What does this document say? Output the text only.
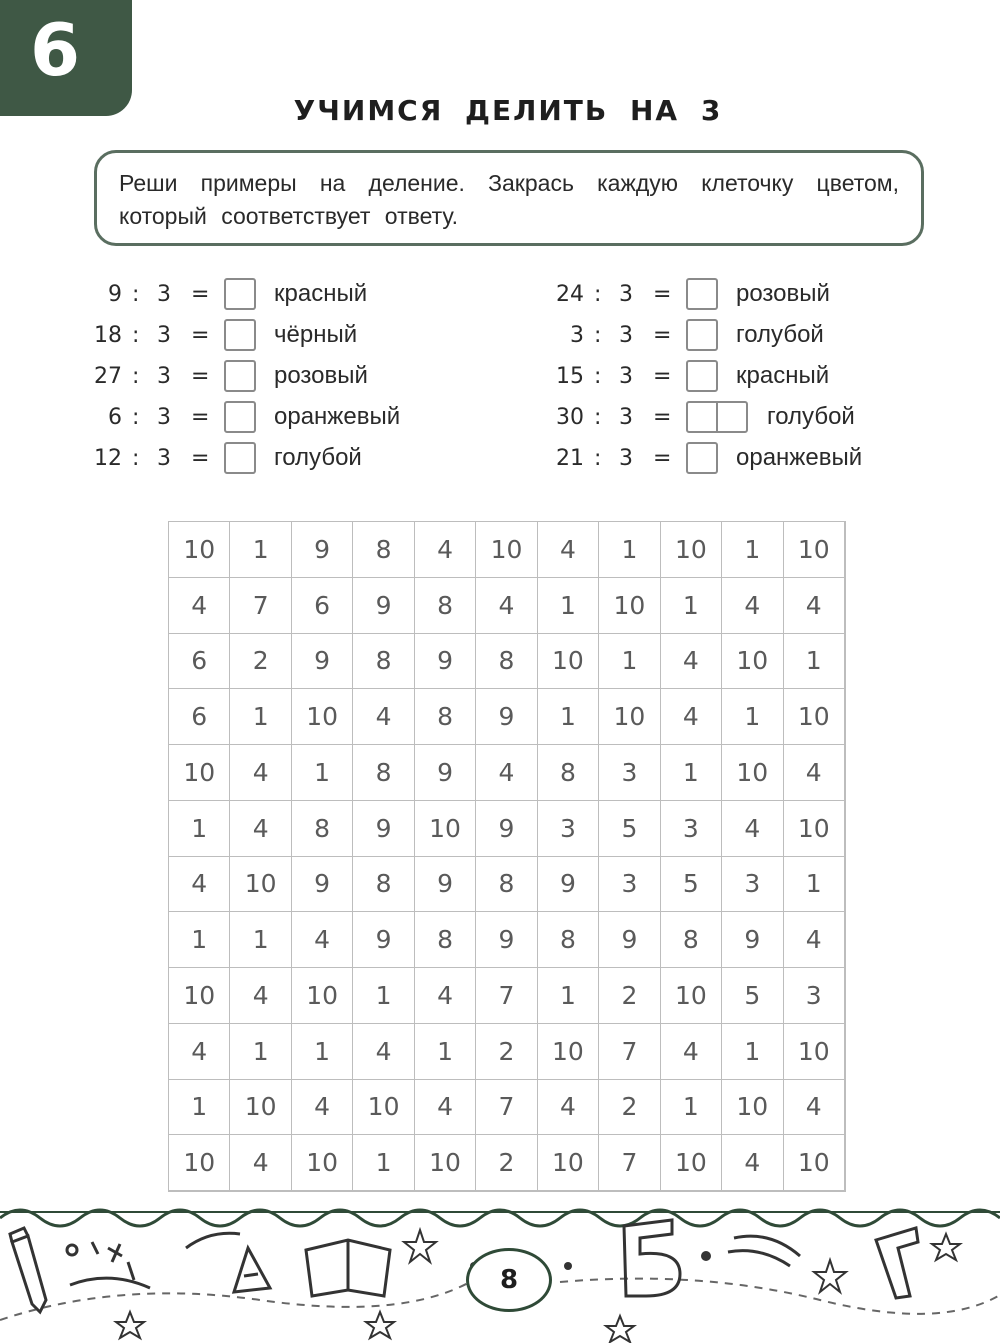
6
УЧИМСЯ ДЕЛИТЬ НА 3
Реши примеры на деление. Закрась каждую клеточку цветом,
который соответствует ответу.
9 : 3 =	красный
18 : 3 =	чёрный
27 : 3 =	розовый
6 : 3 =	оранжевый
12 : 3 =	голубой
24 : 3 =	розовый
3 : 3 =	голубой
15 : 3 =	красный
30 : 3 =	голубой
21 : 3 =	оранжевый
10	1	9	8	4	10	4	1	10	1	10
4	7	6	9	8	4	1	10	1	4	4
6	2	9	8	9	8	10	1	4	10	1
6	1	10	4	8	9	1	10	4	1	10
10	4	1	8	9	4	8	3	1	10	4
1	4	8	9	10	9	3	5	3	4	10
4	10	9	8	9	8	9	3	5	3	1
1	1	4	9	8	9	8	9	8	9	4
10	4	10	1	4	7	1	2	10	5	3
4	1	1	4	1	2	10	7	4	1	10
1	10	4	10	4	7	4	2	1	10	4
10	4	10	1	10	2	10	7	10	4	10
8
